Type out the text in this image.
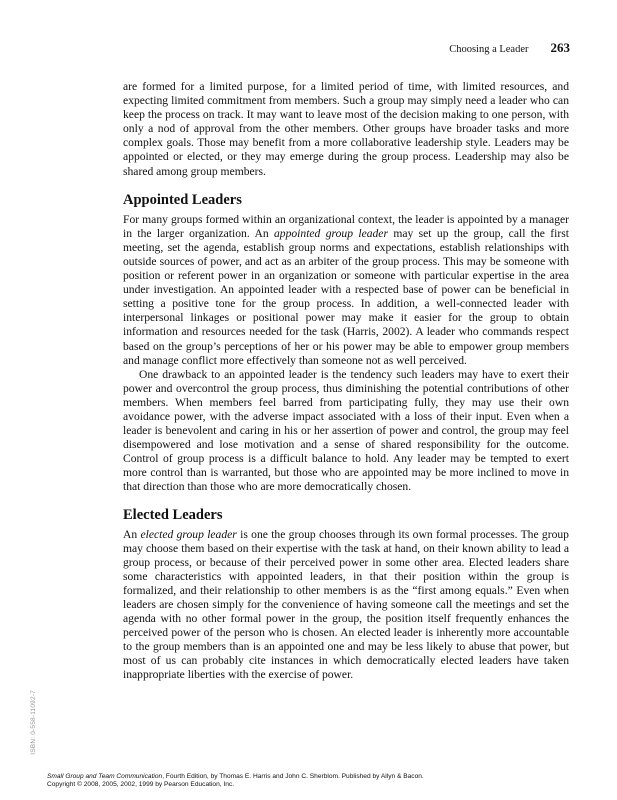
Choosing a Leader 263

are formed for a limited purpose, for a limited period of time, with limited resources, and expecting limited commitment from members. Such a group may simply need a leader who can keep the process on track. It may want to leave most of the decision making to one person, with only a nod of approval from the other members. Other groups have broader tasks and more complex goals. Those may benefit from a more collaborative leadership style. Leaders may be appointed or elected, or they may emerge during the group process. Leadership may also be shared among group members.

Appointed Leaders

For many groups formed within an organizational context, the leader is appointed by a manager in the larger organization. An appointed group leader may set up the group, call the first meeting, set the agenda, establish group norms and expectations, establish relationships with outside sources of power, and act as an arbiter of the group process. This may be someone with position or referent power in an organization or someone with particular expertise in the area under investigation. An appointed leader with a respected base of power can be beneficial in setting a positive tone for the group process. In addition, a well-connected leader with interpersonal linkages or positional power may make it easier for the group to obtain information and resources needed for the task (Harris, 2002). A leader who commands respect based on the group’s perceptions of her or his power may be able to empower group members and manage conflict more effectively than someone not as well perceived.

One drawback to an appointed leader is the tendency such leaders may have to exert their power and overcontrol the group process, thus diminishing the potential contributions of other members. When members feel barred from participating fully, they may use their own avoidance power, with the adverse impact associated with a loss of their input. Even when a leader is benevolent and caring in his or her assertion of power and control, the group may feel disempowered and lose motivation and a sense of shared responsibility for the outcome. Control of group process is a difficult balance to hold. Any leader may be tempted to exert more control than is warranted, but those who are appointed may be more inclined to move in that direction than those who are more democratically chosen.

Elected Leaders

An elected group leader is one the group chooses through its own formal processes. The group may choose them based on their expertise with the task at hand, on their known ability to lead a group process, or because of their perceived power in some other area. Elected leaders share some characteristics with appointed leaders, in that their position within the group is formalized, and their relationship to other members is as the “first among equals.” Even when leaders are chosen simply for the convenience of having someone call the meetings and set the agenda with no other formal power in the group, the position itself frequently enhances the perceived power of the person who is chosen. An elected leader is inherently more accountable to the group members than is an appointed one and may be less likely to abuse that power, but most of us can probably cite instances in which democratically elected leaders have taken inappropriate liberties with the exercise of power.

ISBN: 0-558-11092-7
Small Group and Team Communication, Fourth Edition, by Thomas E. Harris and John C. Sherblom. Published by Allyn & Bacon.
Copyright © 2008, 2005, 2002, 1999 by Pearson Education, Inc.
